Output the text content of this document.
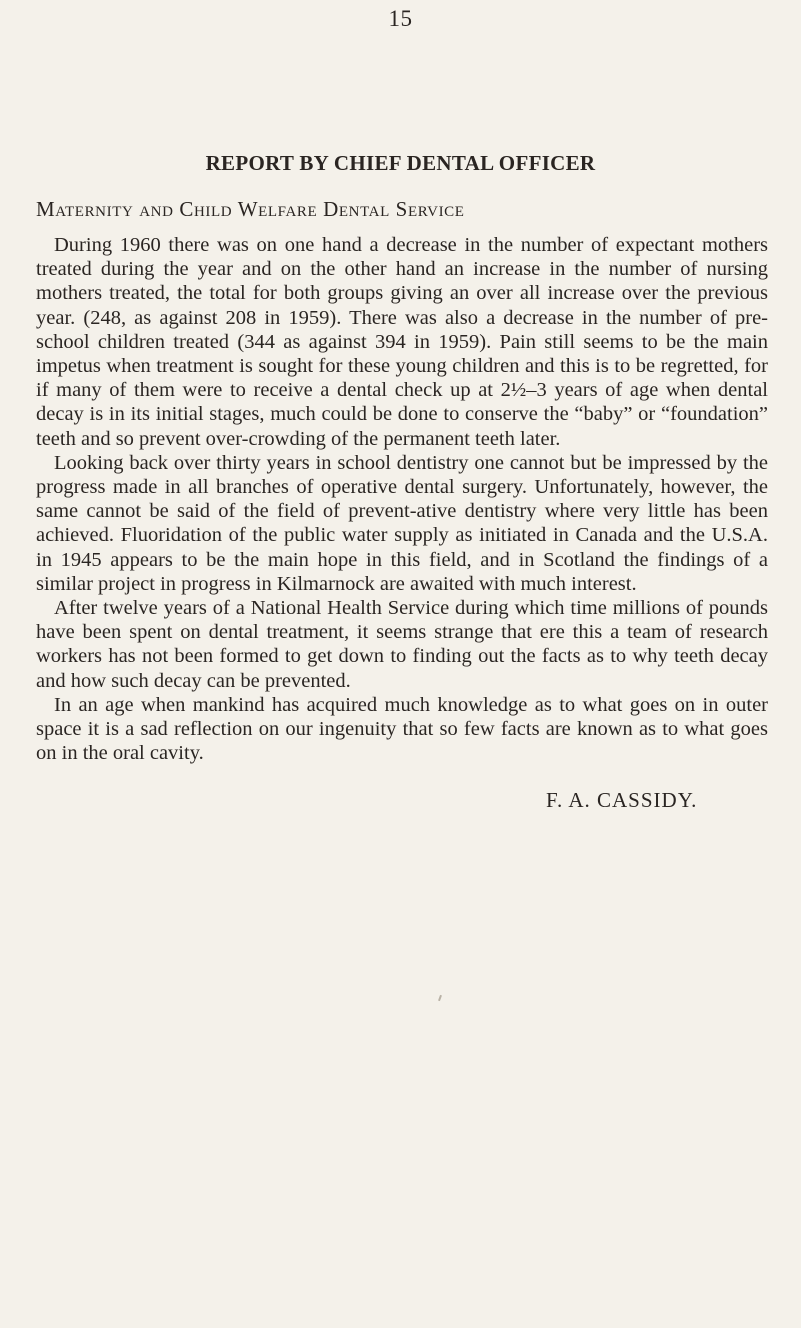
15
REPORT BY CHIEF DENTAL OFFICER
Maternity and Child Welfare Dental Service

During 1960 there was on one hand a decrease in the number of expectant mothers treated during the year and on the other hand an increase in the number of nursing mothers treated, the total for both groups giving an over all increase over the previous year. (248, as against 208 in 1959). There was also a decrease in the number of pre-school children treated (344 as against 394 in 1959). Pain still seems to be the main impetus when treatment is sought for these young children and this is to be regretted, for if many of them were to receive a dental check up at 2½–3 years of age when dental decay is in its initial stages, much could be done to conserve the “baby” or “foundation” teeth and so prevent over-crowding of the permanent teeth later.

Looking back over thirty years in school dentistry one cannot but be impressed by the progress made in all branches of operative dental surgery. Unfortunately, however, the same cannot be said of the field of prevent-ative dentistry where very little has been achieved. Fluoridation of the public water supply as initiated in Canada and the U.S.A. in 1945 appears to be the main hope in this field, and in Scotland the findings of a similar project in progress in Kilmarnock are awaited with much interest.

After twelve years of a National Health Service during which time millions of pounds have been spent on dental treatment, it seems strange that ere this a team of research workers has not been formed to get down to finding out the facts as to why teeth decay and how such decay can be prevented.

In an age when mankind has acquired much knowledge as to what goes on in outer space it is a sad reflection on our ingenuity that so few facts are known as to what goes on in the oral cavity.

F. A. CASSIDY.
